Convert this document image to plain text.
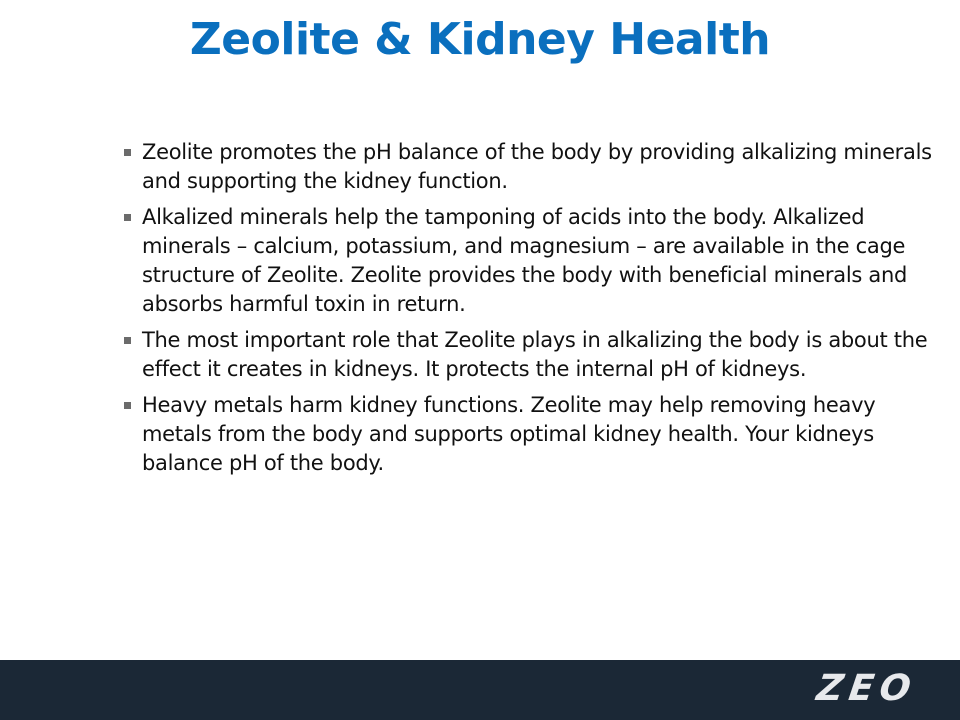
Zeolite & Kidney Health
Zeolite promotes the pH balance of the body by providing alkalizing minerals and supporting the kidney function.
Alkalized minerals help the tamponing of acids into the body. Alkalized minerals – calcium, potassium, and magnesium – are available in the cage structure of Zeolite. Zeolite provides the body with beneficial minerals and absorbs harmful toxin in return.
The most important role that Zeolite plays in alkalizing the body is about the effect it creates in kidneys. It protects the internal pH of kidneys.
Heavy metals harm kidney functions. Zeolite may help removing heavy metals from the body and supports optimal kidney health. Your kidneys balance pH of the body.
ZEO
